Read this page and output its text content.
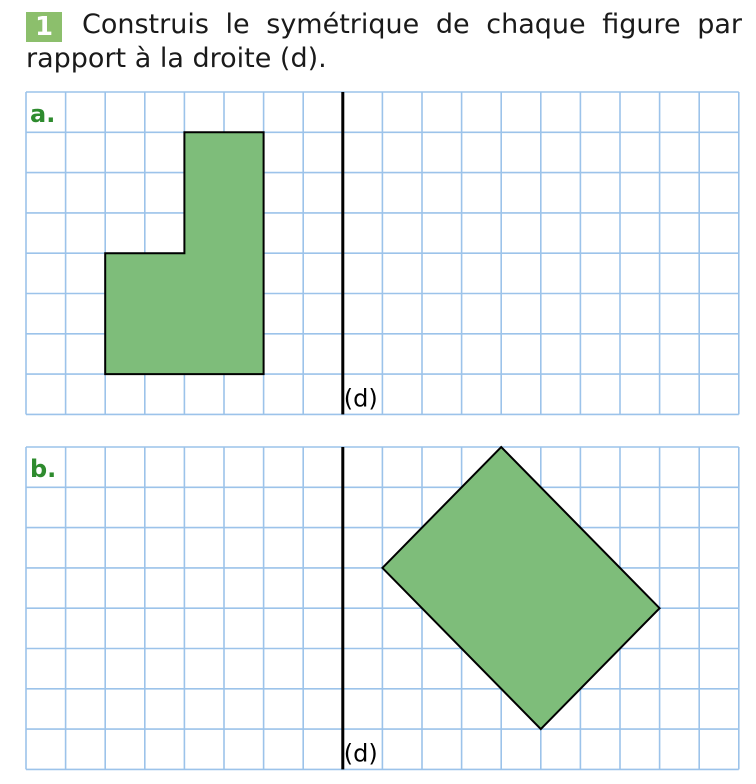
1	Construis le symétrique de chaque figure par rapport à la droite (d).
a.
(d)
b.
(d)
